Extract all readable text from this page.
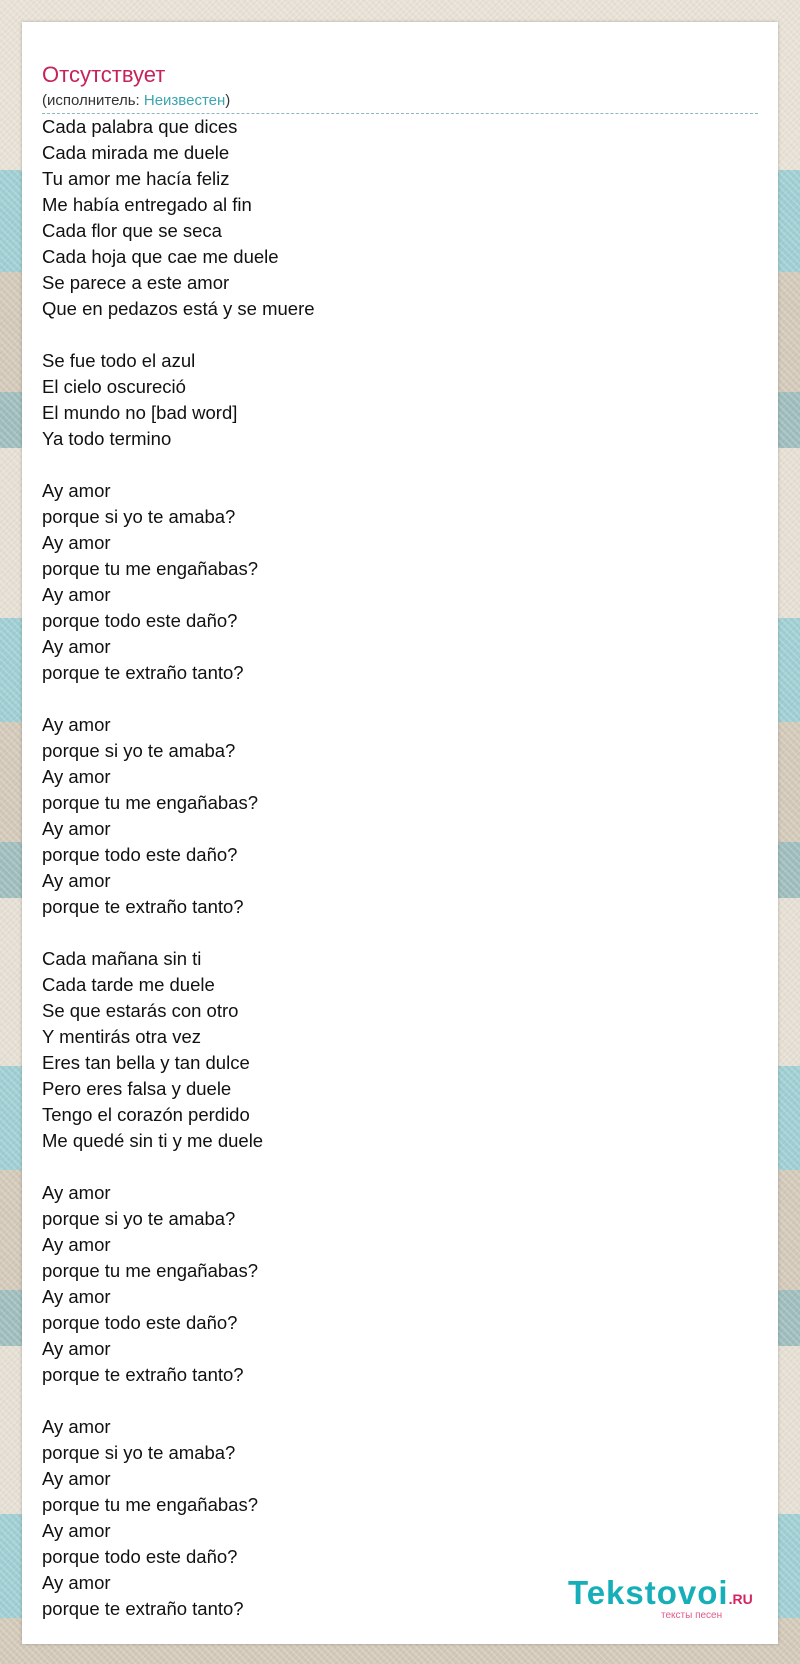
Отсутствует
(исполнитель: Неизвестен)
Cada palabra que dices
Cada mirada me duele
Tu amor me hacía feliz
Me había entregado al fin
Cada flor que se seca
Cada hoja que cae me duele
Se parece a este amor
Que en pedazos está y se muere
Se fue todo el azul
El cielo oscureció
El mundo no [bad word]
Ya todo termino
Ay amor
porque si yo te amaba?
Ay amor
porque tu me engañabas?
Ay amor
porque todo este daño?
Ay amor
porque te extraño tanto?
Ay amor
porque si yo te amaba?
Ay amor
porque tu me engañabas?
Ay amor
porque todo este daño?
Ay amor
porque te extraño tanto?
Cada mañana sin ti
Cada tarde me duele
Se que estarás con otro
Y mentirás otra vez
Eres tan bella y tan dulce
Pero eres falsa y duele
Tengo el corazón perdido
Me quedé sin ti y me duele
Ay amor
porque si yo te amaba?
Ay amor
porque tu me engañabas?
Ay amor
porque todo este daño?
Ay amor
porque te extraño tanto?
Ay amor
porque si yo te amaba?
Ay amor
porque tu me engañabas?
Ay amor
porque todo este daño?
Ay amor
porque te extraño tanto?	Tekstovoi.RU
тексты песен
